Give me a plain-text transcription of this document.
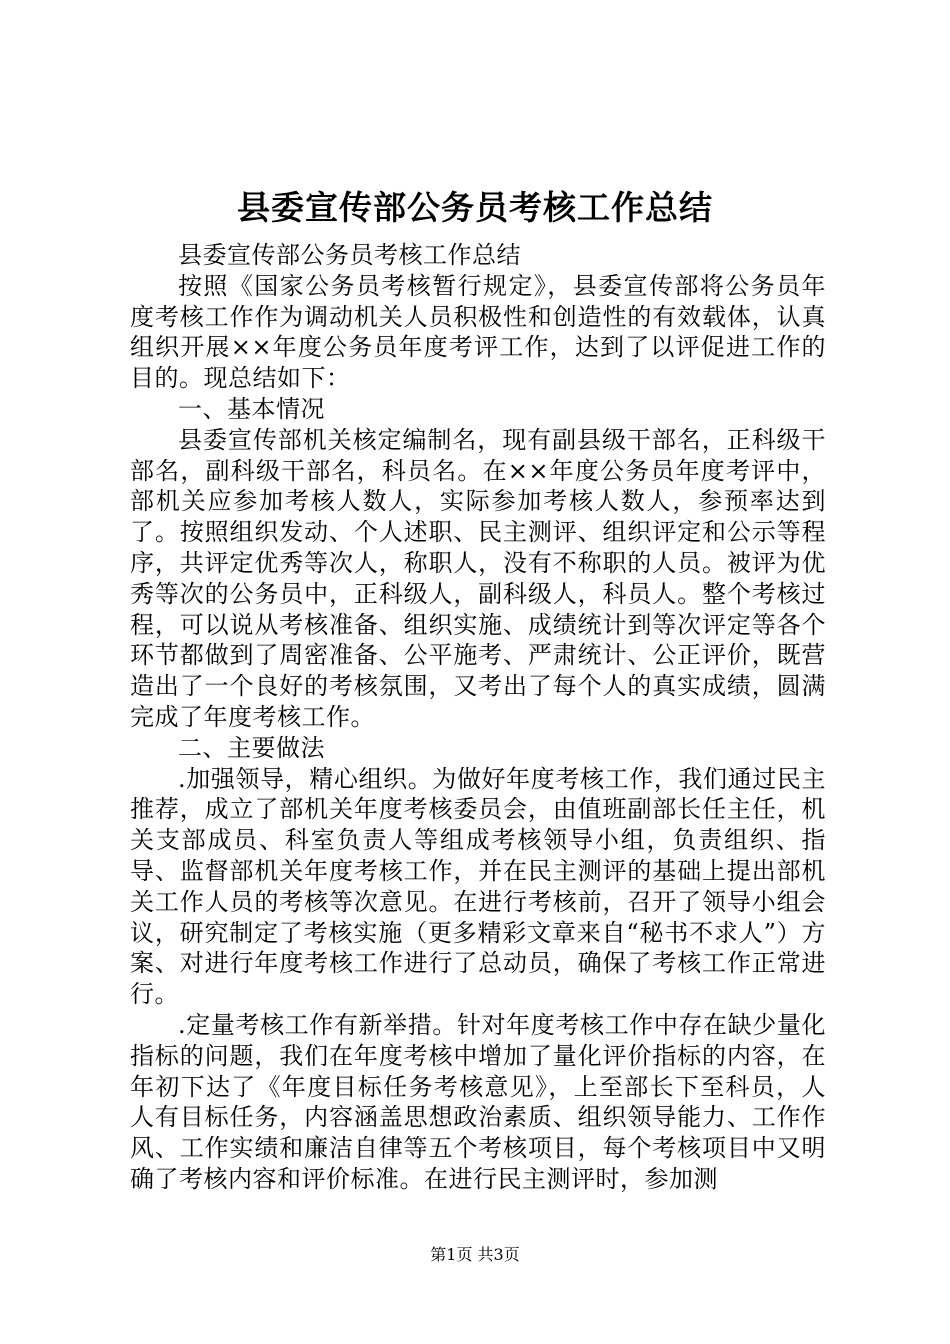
县委宣传部公务员考核工作总结

县委宣传部公务员考核工作总结

按照《国家公务员考核暂行规定》，县委宣传部将公务员年度考核工作作为调动机关人员积极性和创造性的有效载体，认真组织开展××年度公务员年度考评工作，达到了以评促进工作的目的。现总结如下：

一、基本情况

县委宣传部机关核定编制名，现有副县级干部名，正科级干部名，副科级干部名，科员名。在××年度公务员年度考评中，部机关应参加考核人数人，实际参加考核人数人，参预率达到了。按照组织发动、个人述职、民主测评、组织评定和公示等程序，共评定优秀等次人，称职人，没有不称职的人员。被评为优秀等次的公务员中，正科级人，副科级人，科员人。整个考核过程，可以说从考核准备、组织实施、成绩统计到等次评定等各个环节都做到了周密准备、公平施考、严肃统计、公正评价，既营造出了一个良好的考核氛围，又考出了每个人的真实成绩，圆满完成了年度考核工作。

二、主要做法

.加强领导，精心组织。为做好年度考核工作，我们通过民主推荐，成立了部机关年度考核委员会，由值班副部长任主任，机关支部成员、科室负责人等组成考核领导小组，负责组织、指导、监督部机关年度考核工作，并在民主测评的基础上提出部机关工作人员的考核等次意见。在进行考核前，召开了领导小组会议，研究制定了考核实施（更多精彩文章来自“秘书不求人”）方案、对进行年度考核工作进行了总动员，确保了考核工作正常进行。

.定量考核工作有新举措。针对年度考核工作中存在缺少量化指标的问题，我们在年度考核中增加了量化评价指标的内容，在年初下达了《年度目标任务考核意见》，上至部长下至科员，人人有目标任务，内容涵盖思想政治素质、组织领导能力、工作作风、工作实绩和廉洁自律等五个考核项目，每个考核项目中又明确了考核内容和评价标准。在进行民主测评时，参加测

第1页 共3页
